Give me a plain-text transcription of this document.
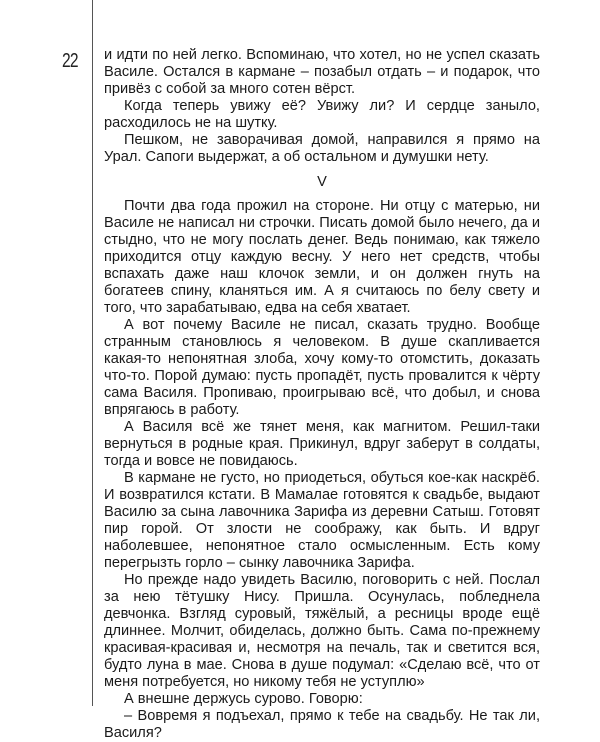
22 и идти по ней легко. Вспоминаю, что хотел, но не успел сказать Василе. Остался в кармане – позабыл отдать – и подарок, что привёз с собой за много сотен вёрст.

Когда теперь увижу её? Увижу ли? И сердце заныло, расходилось не на шутку.

Пешком, не заворачивая домой, направился я прямо на Урал. Сапоги выдержат, а об остальном и думушки нету.

V

Почти два года прожил на стороне. Ни отцу с матерью, ни Василе не написал ни строчки. Писать домой было нечего, да и стыдно, что не могу послать денег. Ведь понимаю, как тяжело приходится отцу каждую весну. У него нет средств, чтобы вспахать даже наш клочок земли, и он должен гнуть на богатеев спину, кланяться им. А я считаюсь по белу свету и того, что зарабатываю, едва на себя хватает.

А вот почему Василе не писал, сказать трудно. Вообще странным становлюсь я человеком. В душе скапливается какая-то непонятная злоба, хочу кому-то отомстить, доказать что-то. Порой думаю: пусть пропадёт, пусть провалится к чёрту сама Василя. Пропиваю, проигрываю всё, что добыл, и снова впрягаюсь в работу.

А Василя всё же тянет меня, как магнитом. Решил-таки вернуться в родные края. Прикинул, вдруг заберут в солдаты, тогда и вовсе не повидаюсь.

В кармане не густо, но приодеться, обуться кое-как наскрёб. И возвратился кстати. В Мамалае готовятся к свадьбе, выдают Василю за сына лавочника Зарифа из деревни Сатыш. Готовят пир горой. От злости не соображу, как быть. И вдруг наболевшее, непонятное стало осмысленным. Есть кому перегрызть горло – сынку лавочника Зарифа.

Но прежде надо увидеть Василю, поговорить с ней. Послал за нею тётушку Нису. Пришла. Осунулась, побледнела девчонка. Взгляд суровый, тяжёлый, а ресницы вроде ещё длиннее. Молчит, обиделась, должно быть. Сама по-прежнему красивая-красивая и, несмотря на печаль, так и светится вся, будто луна в мае. Снова в душе подумал: «Сделаю всё, что от меня потребуется, но никому тебя не уступлю»

А внешне держусь сурово. Говорю:

– Вовремя я подъехал, прямо к тебе на свадьбу. Не так ли, Василя?
